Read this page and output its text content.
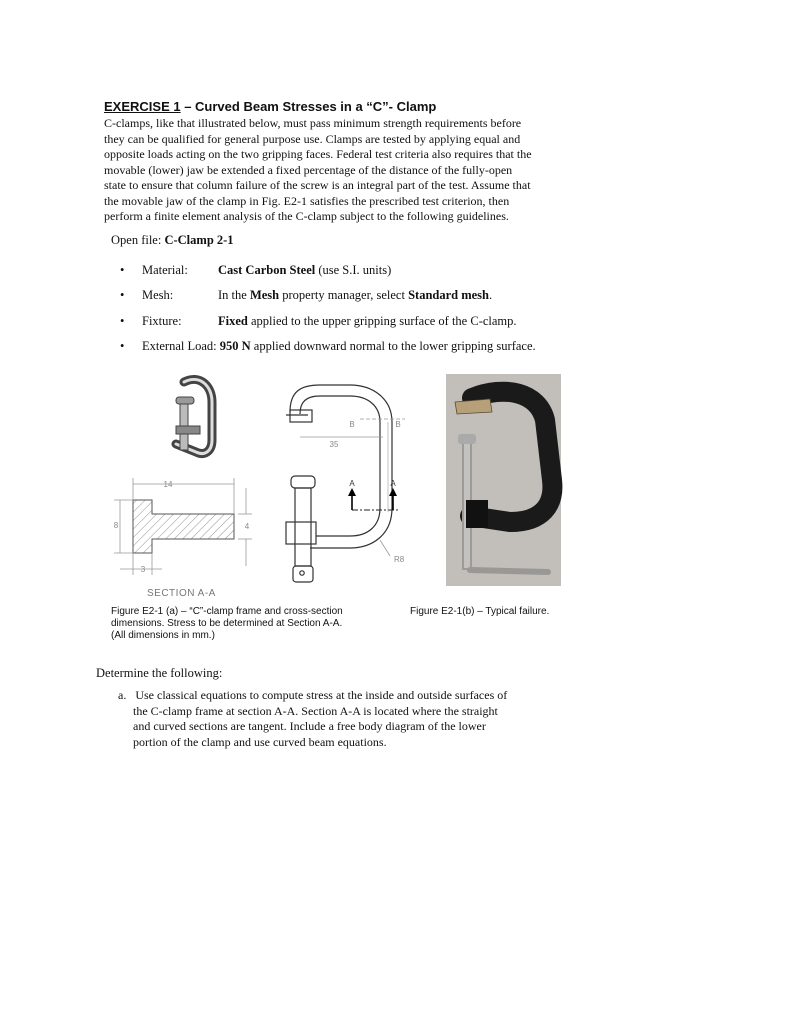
EXERCISE 1 – Curved Beam Stresses in a “C”- Clamp
C-clamps, like that illustrated below, must pass minimum strength requirements before
they can be qualified for general purpose use. Clamps are tested by applying equal and
opposite loads acting on the two gripping faces. Federal test criteria also requires that the
movable (lower) jaw be extended a fixed percentage of the distance of the fully-open
state to ensure that column failure of the screw is an integral part of the test. Assume that
the movable jaw of the clamp in Fig. E2-1 satisfies the prescribed test criterion, then
perform a finite element analysis of the C-clamp subject to the following guidelines.
Open file: C-Clamp 2-1
• Material: Cast Carbon Steel (use S.I. units)
• Mesh:	In the Mesh property manager, select Standard mesh.
• Fixture:	Fixed applied to the upper gripping surface of the C-clamp.
• External Load: 950 N applied downward normal to the lower gripping surface.
14
8	4
3
35
R8
B	B
A	A
SECTION A-A
Figure E2-1 (a) – “C”-clamp frame and cross-section
dimensions. Stress to be determined at Section A-A.
(All dimensions in mm.)
Figure E2-1(b) – Typical failure.
Determine the following:
a. Use classical equations to compute stress at the inside and outside surfaces of
the C-clamp frame at section A-A. Section A-A is located where the straight
and curved sections are tangent. Include a free body diagram of the lower
portion of the clamp and use curved beam equations.
